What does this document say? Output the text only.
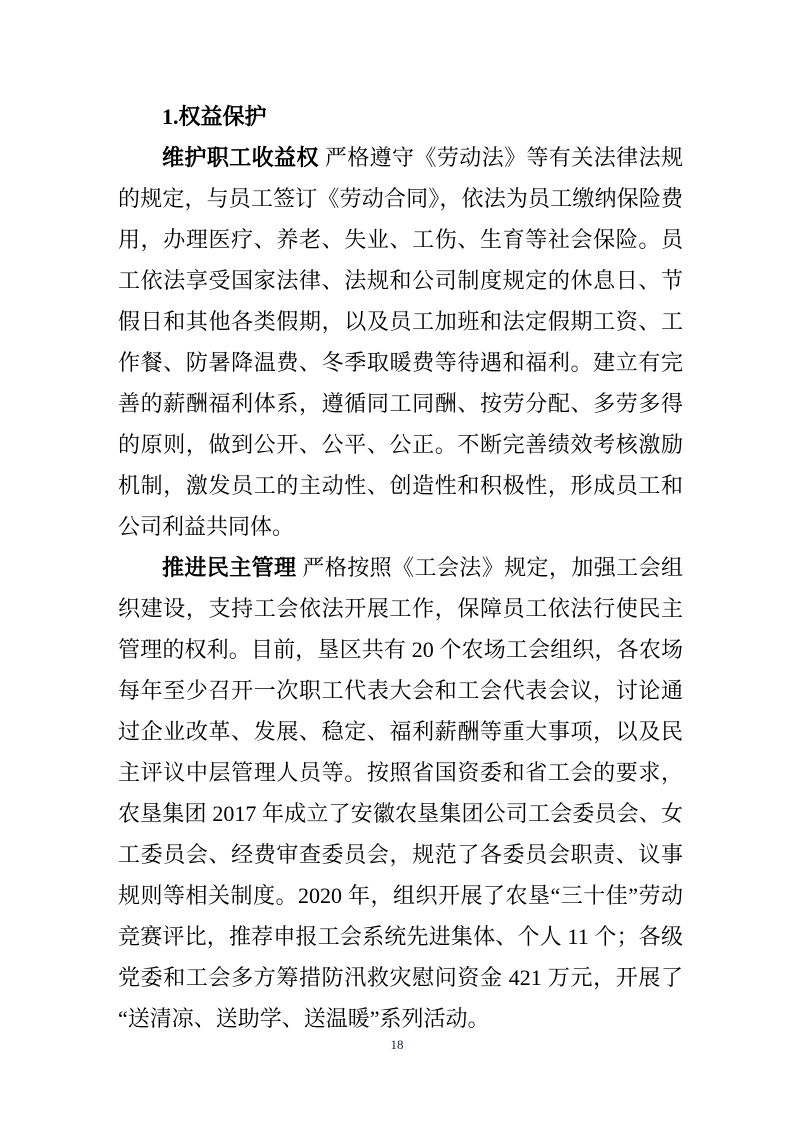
1.权益保护

维护职工收益权 严格遵守《劳动法》等有关法律法规的规定，与员工签订《劳动合同》，依法为员工缴纳保险费用，办理医疗、养老、失业、工伤、生育等社会保险。员工依法享受国家法律、法规和公司制度规定的休息日、节假日和其他各类假期，以及员工加班和法定假期工资、工作餐、防暑降温费、冬季取暖费等待遇和福利。建立有完善的薪酬福利体系，遵循同工同酬、按劳分配、多劳多得的原则，做到公开、公平、公正。不断完善绩效考核激励机制，激发员工的主动性、创造性和积极性，形成员工和公司利益共同体。

推进民主管理 严格按照《工会法》规定，加强工会组织建设，支持工会依法开展工作，保障员工依法行使民主管理的权利。目前，垦区共有 20 个农场工会组织，各农场每年至少召开一次职工代表大会和工会代表会议，讨论通过企业改革、发展、稳定、福利薪酬等重大事项，以及民主评议中层管理人员等。按照省国资委和省工会的要求，农垦集团 2017 年成立了安徽农垦集团公司工会委员会、女工委员会、经费审查委员会，规范了各委员会职责、议事规则等相关制度。2020 年，组织开展了农垦“三十佳”劳动竞赛评比，推荐申报工会系统先进集体、个人 11 个；各级党委和工会多方筹措防汛救灾慰问资金 421 万元，开展了“送清凉、送助学、送温暖”系列活动。

18
